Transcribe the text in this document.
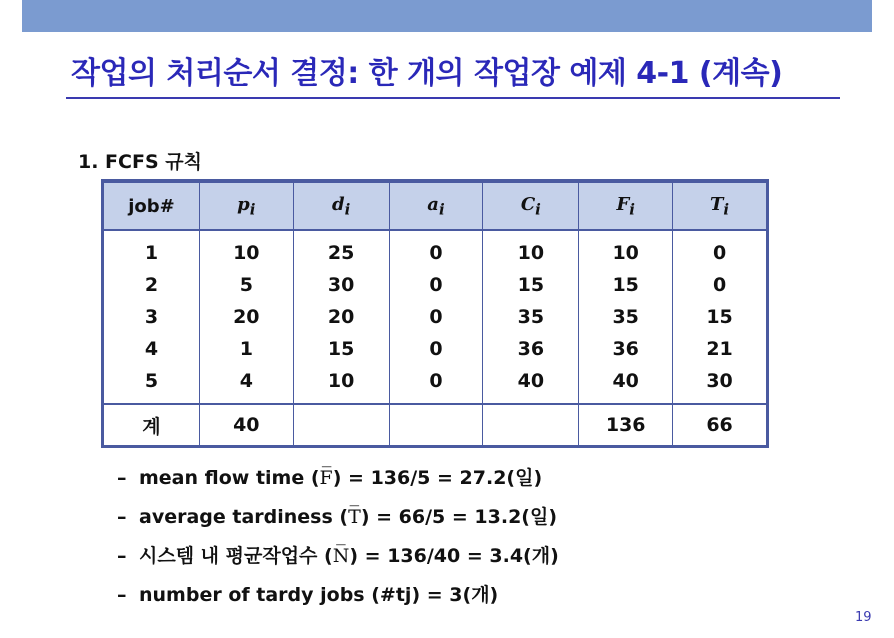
작업의 처리순서 결정: 한 개의 작업장 예제 4-1 (계속)
1. FCFS 규칙
job#	$p_i$	$d_i$	$a_i$	$C_i$	$F_i$	$T_i$
1	10	25	0	10	10	0
2	5	30	0	15	15	0
3	20	20	0	35	35	15
4	1	15	0	36	36	21
5	4	10	0	40	40	30
계	40				136	66
– mean flow time (F̅) = 136/5 = 27.2(일)
– average tardiness (T̅) = 66/5 = 13.2(일)
– 시스템 내 평균작업수 (N̅) = 136/40 = 3.4(개)
– number of tardy jobs (#tj) = 3(개)
19
